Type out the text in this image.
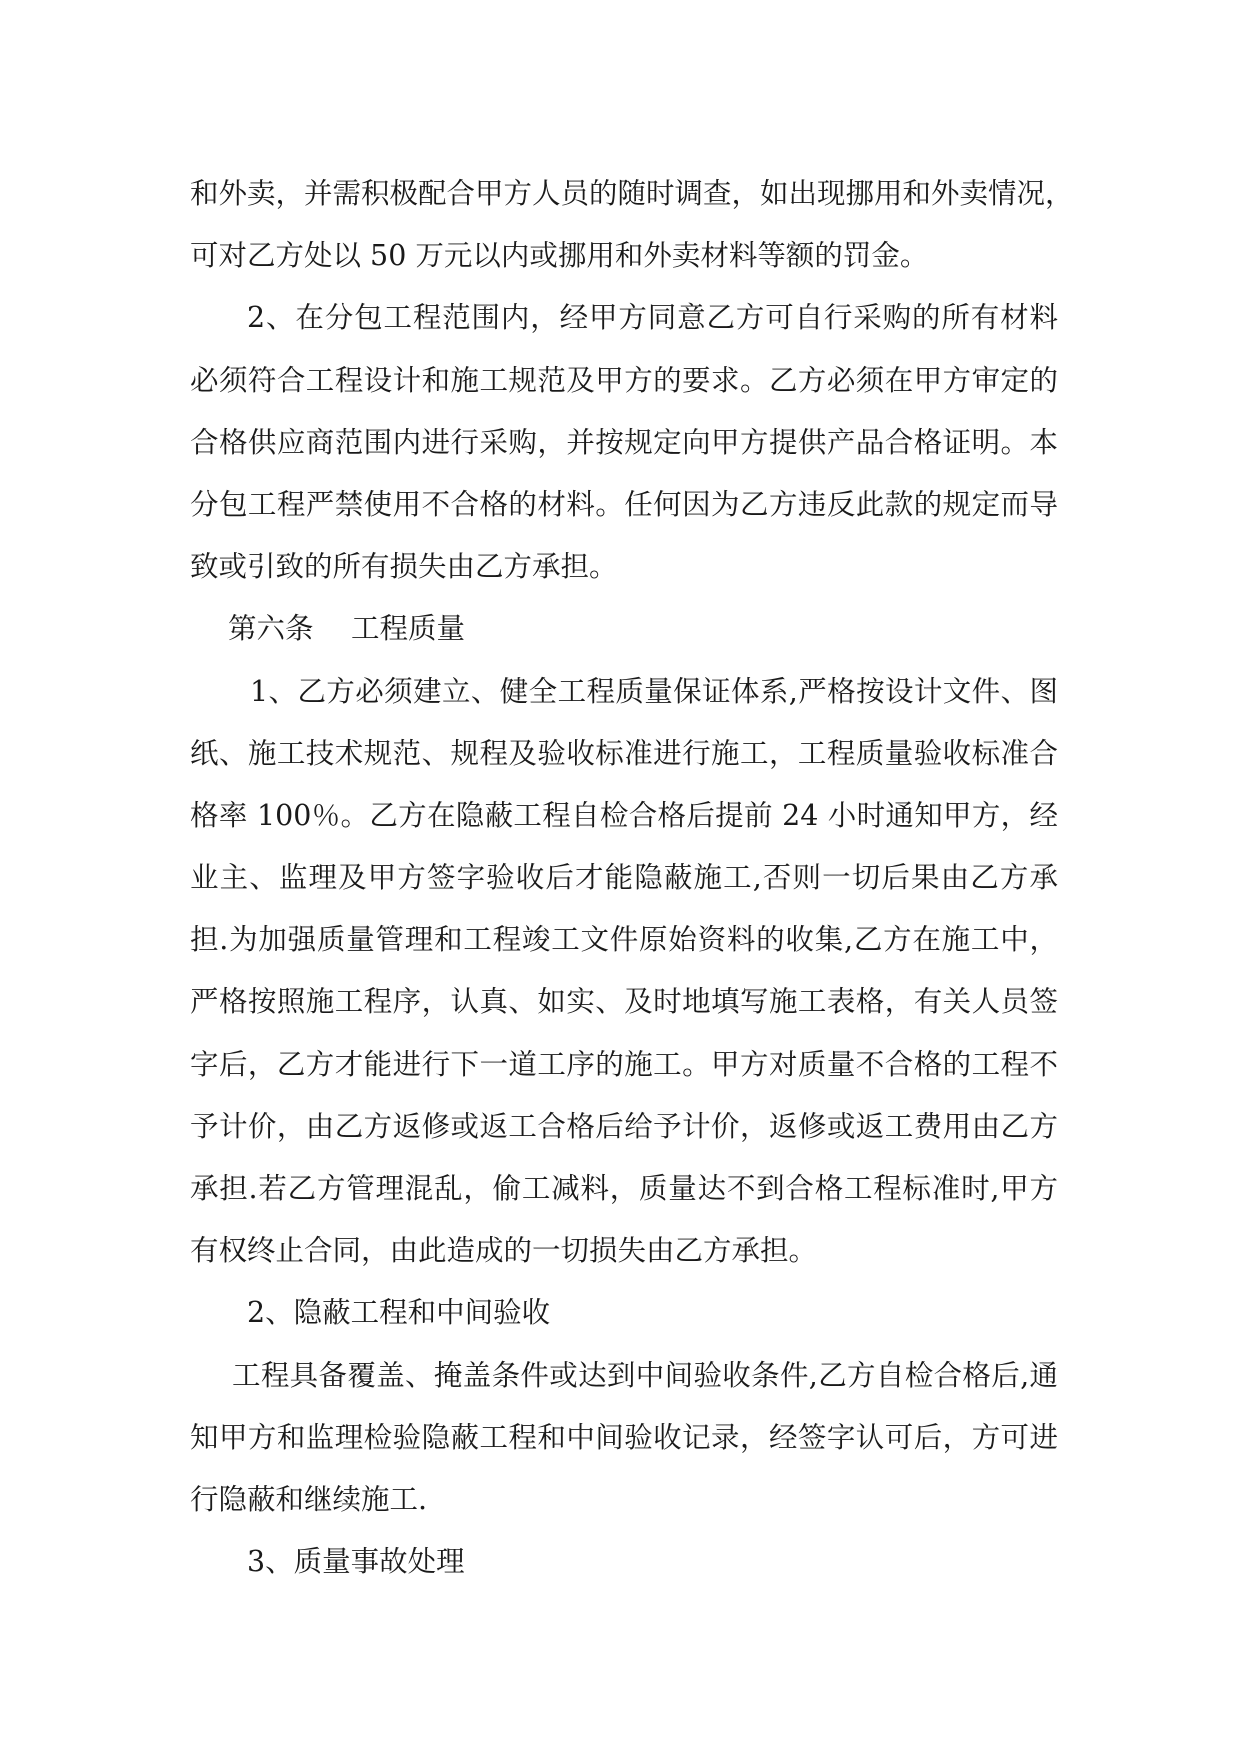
和外卖，并需积极配合甲方人员的随时调查，如出现挪用和外卖情况，
可对乙方处以 50 万元以内或挪用和外卖材料等额的罚金。
2、在分包工程范围内，经甲方同意乙方可自行采购的所有材料
必须符合工程设计和施工规范及甲方的要求。乙方必须在甲方审定的
合格供应商范围内进行采购，并按规定向甲方提供产品合格证明。本
分包工程严禁使用不合格的材料。任何因为乙方违反此款的规定而导
致或引致的所有损失由乙方承担。
第六条　 工程质量
1、乙方必须建立、健全工程质量保证体系,严格按设计文件、图
纸、施工技术规范、规程及验收标准进行施工，工程质量验收标准合
格率 100％。乙方在隐蔽工程自检合格后提前 24 小时通知甲方，经
业主、监理及甲方签字验收后才能隐蔽施工,否则一切后果由乙方承
担.为加强质量管理和工程竣工文件原始资料的收集,乙方在施工中，
严格按照施工程序，认真、如实、及时地填写施工表格，有关人员签
字后，乙方才能进行下一道工序的施工。甲方对质量不合格的工程不
予计价，由乙方返修或返工合格后给予计价，返修或返工费用由乙方
承担.若乙方管理混乱，偷工减料，质量达不到合格工程标准时,甲方
有权终止合同，由此造成的一切损失由乙方承担。
2、隐蔽工程和中间验收
工程具备覆盖、掩盖条件或达到中间验收条件,乙方自检合格后,通
知甲方和监理检验隐蔽工程和中间验收记录，经签字认可后，方可进
行隐蔽和继续施工.
3、质量事故处理
